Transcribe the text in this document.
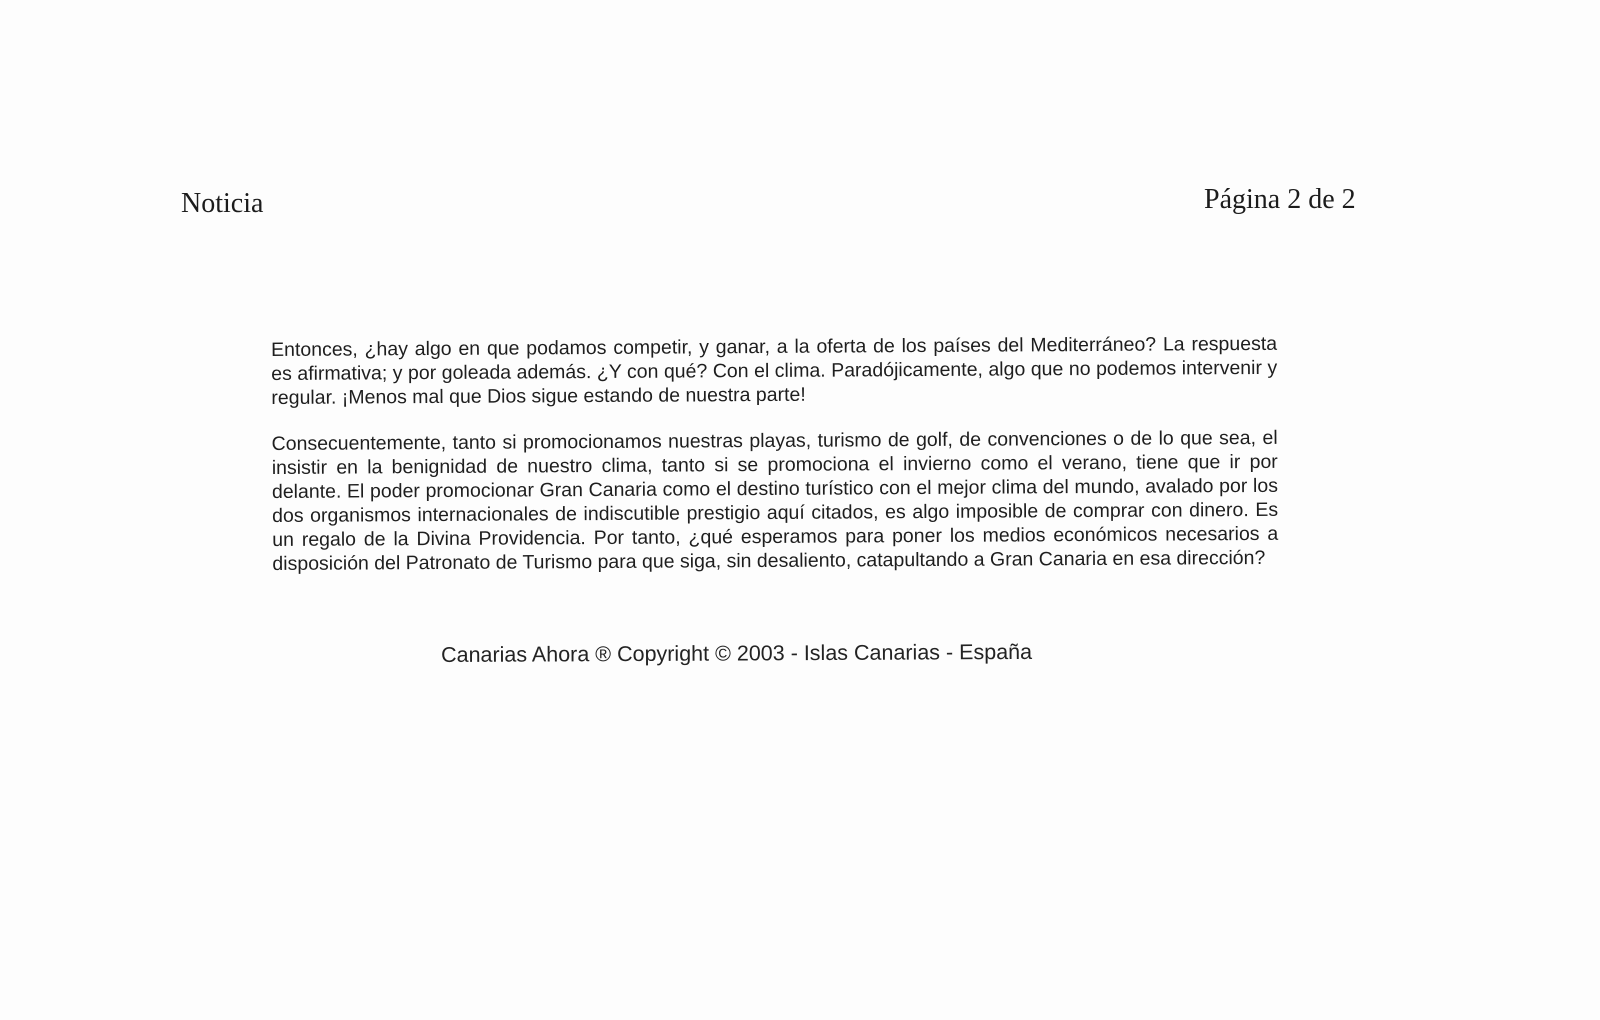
Noticia	Página 2 de 2

Entonces, ¿hay algo en que podamos competir, y ganar, a la oferta de los países del Mediterráneo? La respuesta es afirmativa; y por goleada además. ¿Y con qué? Con el clima. Paradójicamente, algo que no podemos intervenir y regular. ¡Menos mal que Dios sigue estando de nuestra parte!

Consecuentemente, tanto si promocionamos nuestras playas, turismo de golf, de convenciones o de lo que sea, el insistir en la benignidad de nuestro clima, tanto si se promociona el invierno como el verano, tiene que ir por delante. El poder promocionar Gran Canaria como el destino turístico con el mejor clima del mundo, avalado por los dos organismos internacionales de indiscutible prestigio aquí citados, es algo imposible de comprar con dinero. Es un regalo de la Divina Providencia. Por tanto, ¿qué esperamos para poner los medios económicos necesarios a disposición del Patronato de Turismo para que siga, sin desaliento, catapultando a Gran Canaria en esa dirección?

Canarias Ahora ® Copyright © 2003 - Islas Canarias - España
